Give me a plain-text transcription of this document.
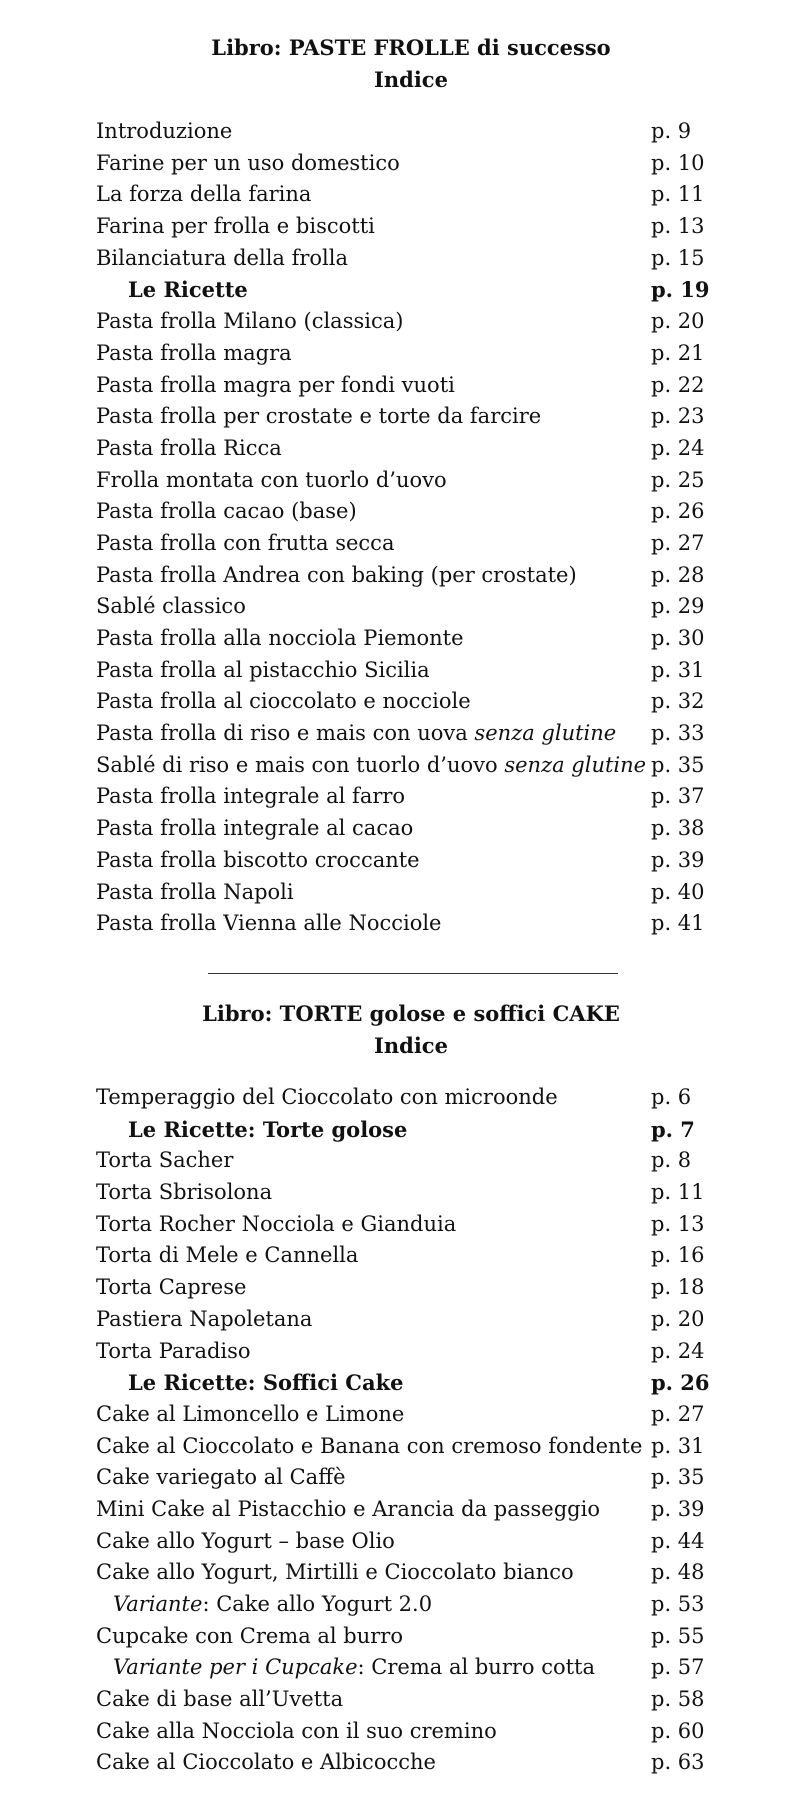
Libro: PASTE FROLLE di successo
Indice
Introduzione	p. 9
Farine per un uso domestico	p. 10
La forza della farina	p. 11
Farina per frolla e biscotti	p. 13
Bilanciatura della frolla	p. 15
Le Ricette	p. 19
Pasta frolla Milano (classica)	p. 20
Pasta frolla magra	p. 21
Pasta frolla magra per fondi vuoti	p. 22
Pasta frolla per crostate e torte da farcire	p. 23
Pasta frolla Ricca	p. 24
Frolla montata con tuorlo d’uovo	p. 25
Pasta frolla cacao (base)	p. 26
Pasta frolla con frutta secca	p. 27
Pasta frolla Andrea con baking (per crostate)	p. 28
Sablé classico	p. 29
Pasta frolla alla nocciola Piemonte	p. 30
Pasta frolla al pistacchio Sicilia	p. 31
Pasta frolla al cioccolato e nocciole	p. 32
Pasta frolla di riso e mais con uova senza glutine p. 33
Sablé di riso e mais con tuorlo d’uovo senza glutine p. 35
Pasta frolla integrale al farro	p. 37
Pasta frolla integrale al cacao	p. 38
Pasta frolla biscotto croccante	p. 39
Pasta frolla Napoli	p. 40
Pasta frolla Vienna alle Nocciole	p. 41
Libro: TORTE golose e soffici CAKE
Indice
Temperaggio del Cioccolato con microonde	p. 6
Le Ricette: Torte golose	p. 7
Torta Sacher	p. 8
Torta Sbrisolona	p. 11
Torta Rocher Nocciola e Gianduia	p. 13
Torta di Mele e Cannella	p. 16
Torta Caprese	p. 18
Pastiera Napoletana	p. 20
Torta Paradiso	p. 24
Le Ricette: Soffici Cake	p. 26
Cake al Limoncello e Limone	p. 27
Cake al Cioccolato e Banana con cremoso fondente p. 31
Cake variegato al Caffè	p. 35
Mini Cake al Pistacchio e Arancia da passeggio p. 39
Cake allo Yogurt – base Olio	p. 44
Cake allo Yogurt, Mirtilli e Cioccolato bianco	p. 48
Variante: Cake allo Yogurt 2.0	p. 53
Cupcake con Crema al burro	p. 55
Variante per i Cupcake: Crema al burro cotta	p. 57
Cake di base all’Uvetta	p. 58
Cake alla Nocciola con il suo cremino	p. 60
Cake al Cioccolato e Albicocche	p. 63
